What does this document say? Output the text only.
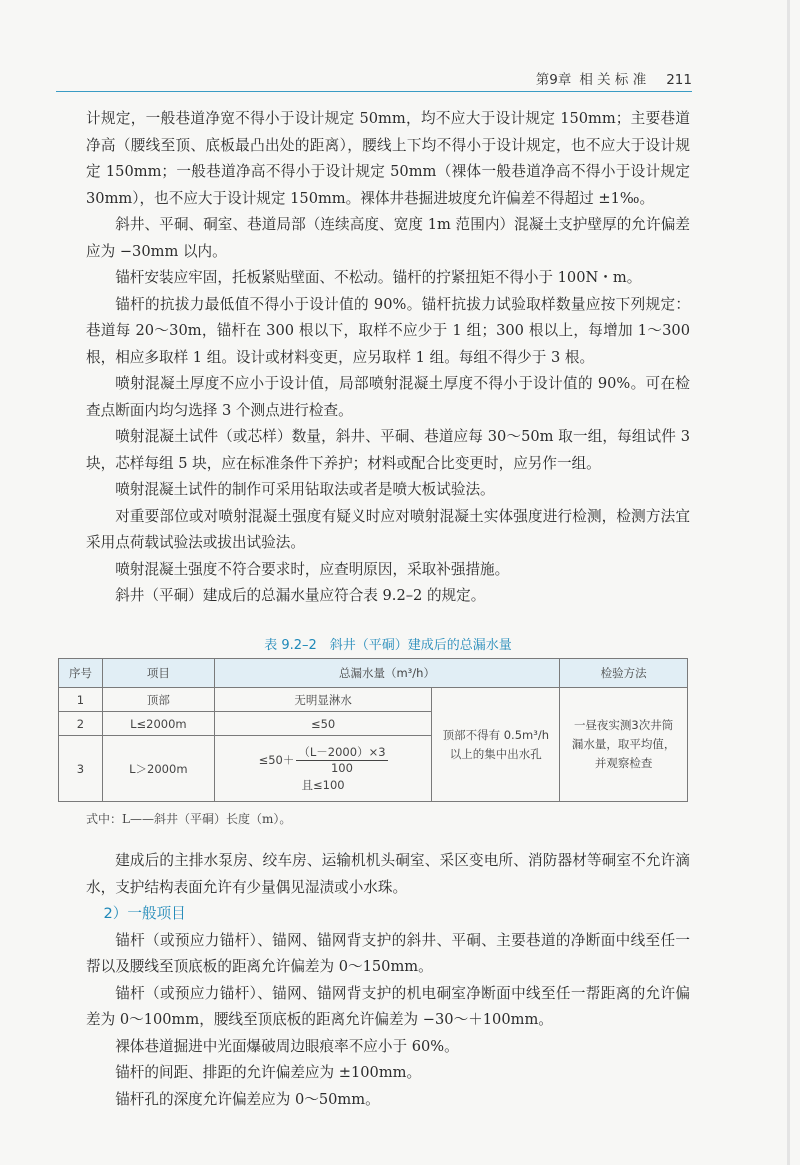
第9章 相 关 标 准 211

计规定，一般巷道净宽不得小于设计规定 50mm，均不应大于设计规定 150mm；主要巷道净高（腰线至顶、底板最凸出处的距离），腰线上下均不得小于设计规定，也不应大于设计规定 150mm；一般巷道净高不得小于设计规定 50mm（裸体一般巷道净高不得小于设计规定 30mm），也不应大于设计规定 150mm。裸体井巷掘进坡度允许偏差不得超过 ±1‰。

斜井、平硐、硐室、巷道局部（连续高度、宽度 1m 范围内）混凝土支护壁厚的允许偏差应为 −30mm 以内。

锚杆安装应牢固，托板紧贴壁面、不松动。锚杆的拧紧扭矩不得小于 100N・m。

锚杆的抗拔力最低值不得小于设计值的 90%。锚杆抗拔力试验取样数量应按下列规定：巷道每 20～30m，锚杆在 300 根以下，取样不应少于 1 组；300 根以上，每增加 1～300 根，相应多取样 1 组。设计或材料变更，应另取样 1 组。每组不得少于 3 根。

喷射混凝土厚度不应小于设计值，局部喷射混凝土厚度不得小于设计值的 90%。可在检查点断面内均匀选择 3 个测点进行检查。

喷射混凝土试件（或芯样）数量，斜井、平硐、巷道应每 30～50m 取一组，每组试件 3 块，芯样每组 5 块，应在标准条件下养护；材料或配合比变更时，应另作一组。

喷射混凝土试件的制作可采用钻取法或者是喷大板试验法。

对重要部位或对喷射混凝土强度有疑义时应对喷射混凝土实体强度进行检测，检测方法宜采用点荷载试验法或拔出试验法。

喷射混凝土强度不符合要求时，应查明原因，采取补强措施。

斜井（平硐）建成后的总漏水量应符合表 9.2–2 的规定。

表 9.2–2　斜井（平硐）建成后的总漏水量
序号	项目	总漏水量（m³/h）		检验方法
1	顶部	无明显淋水	顶部不得有 0.5m³/h 以上的集中出水孔	一昼夜实测3次井筒漏水量，取平均值，并观察检查
2	L≤2000m	≤50		
3	L＞2000m	$\le 50+ \frac{(L-2000)\times 3}{100}$
且≤100		
式中：L——斜井（平硐）长度（m）。

建成后的主排水泵房、绞车房、运输机机头硐室、采区变电所、消防器材等硐室不允许滴水，支护结构表面允许有少量偶见湿渍或小水珠。

2）一般项目

锚杆（或预应力锚杆）、锚网、锚网背支护的斜井、平硐、主要巷道的净断面中线至任一帮以及腰线至顶底板的距离允许偏差为 0～150mm。

锚杆（或预应力锚杆）、锚网、锚网背支护的机电硐室净断面中线至任一帮距离的允许偏差为 0～100mm，腰线至顶底板的距离允许偏差为 −30～＋100mm。

裸体巷道掘进中光面爆破周边眼痕率不应小于 60%。

锚杆的间距、排距的允许偏差应为 ±100mm。

锚杆孔的深度允许偏差应为 0～50mm。
